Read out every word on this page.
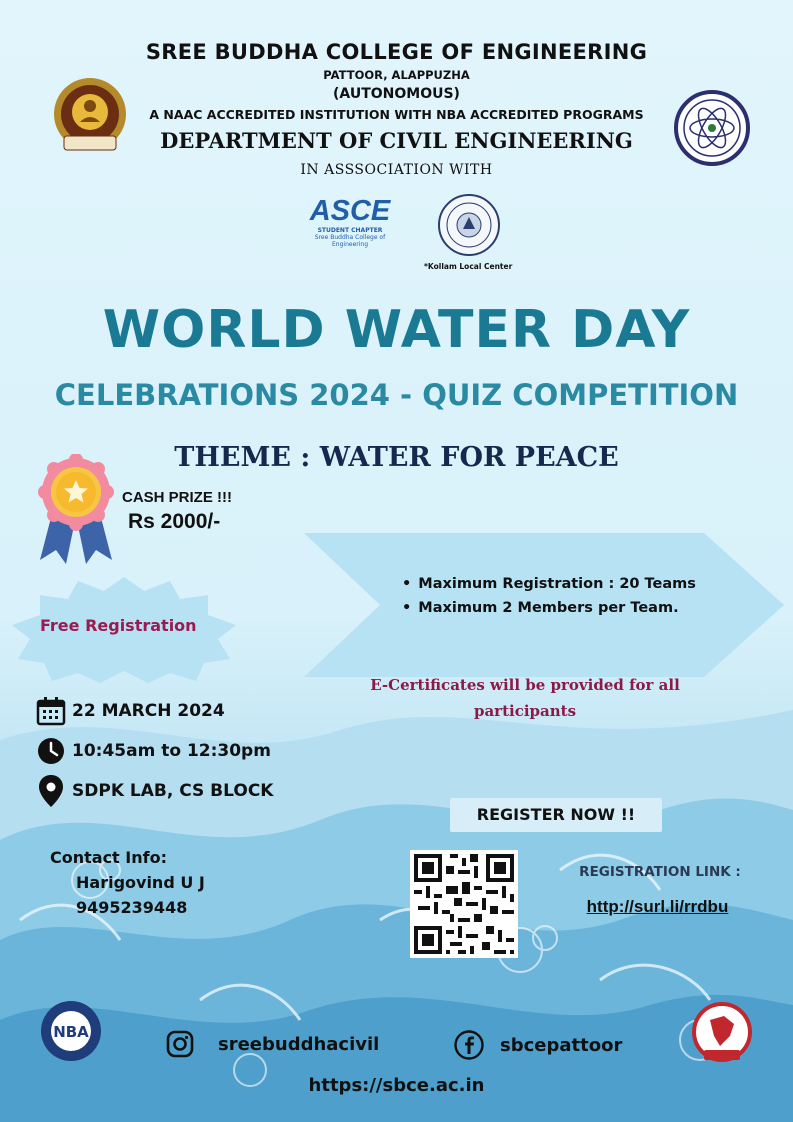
SREE BUDDHA COLLEGE OF ENGINEERING
PATTOOR, ALAPPUZHA
(AUTONOMOUS)
A NAAC ACCREDITED INSTITUTION WITH NBA ACCREDITED PROGRAMS
DEPARTMENT OF CIVIL ENGINEERING
IN ASSSOCIATION WITH
ASCE
STUDENT CHAPTER
Sree Buddha College of
Engineering
*Kollam Local Center
WORLD WATER DAY
CELEBRATIONS 2024 - QUIZ COMPETITION
THEME : WATER FOR PEACE
CASH PRIZE !!!
Rs 2000/-
• Maximum Registration : 20 Teams
• Maximum 2 Members per Team.
Free Registration
E-Certificates will be provided for all participants
22 MARCH 2024
10:45am to 12:30pm
SDPK LAB, CS BLOCK
REGISTER NOW !!
Contact Info:
Harigovind U J
9495239448
REGISTRATION LINK :
http://surl.li/rrdbu
NBA
sreebuddhacivil	sbcepattoor
https://sbce.ac.in
